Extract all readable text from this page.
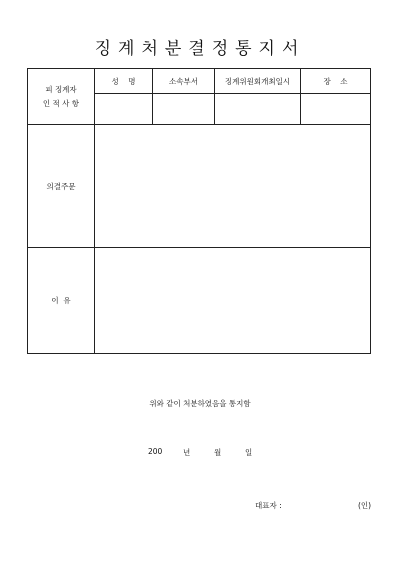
징계처분결정통지서
피 징계자
인 적 사 항	성    명	소속부서	징계위원회개최일시	장    소

의결주문				
이  유				
위와 같이 처분하였음을 통지함
200	년	월	일
대표자 :	(인)
